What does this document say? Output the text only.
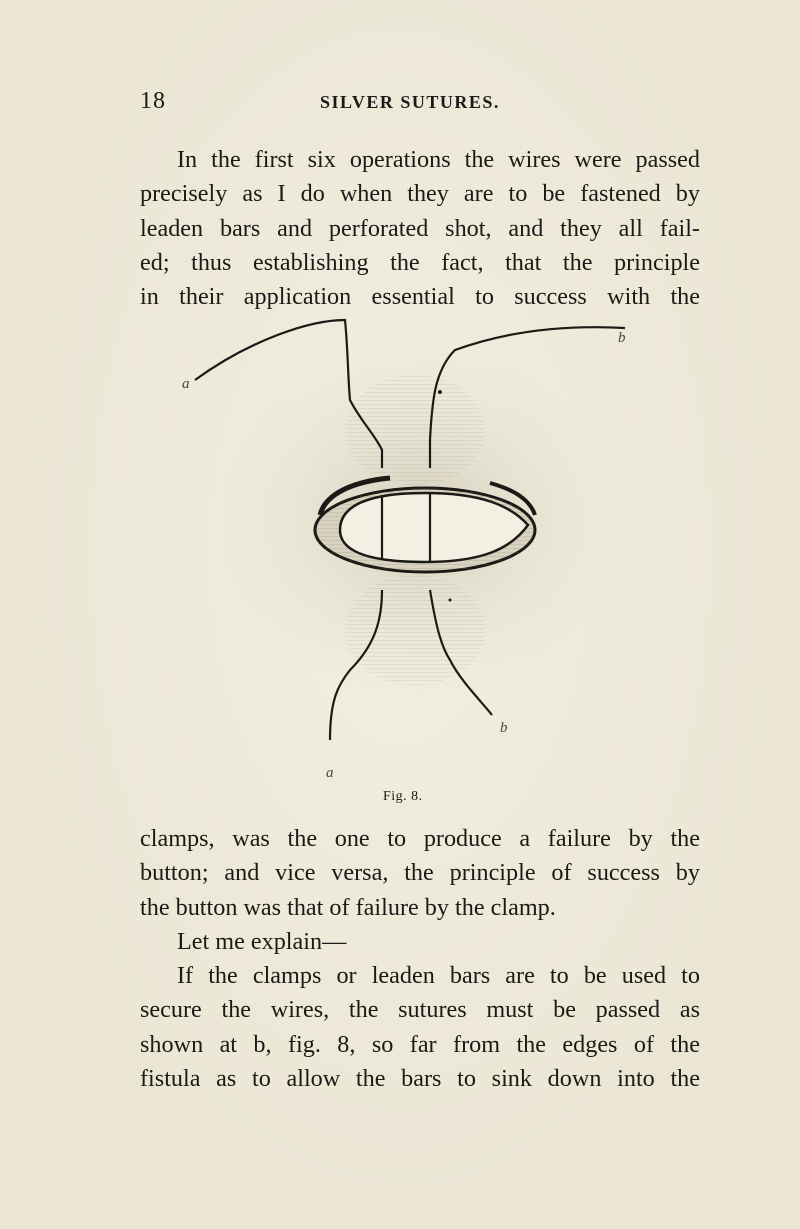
18	SILVER SUTURES.
In the first six operations the wires were passed
precisely as I do when they are to be fastened by
leaden bars and perforated shot, and they all fail-
ed; thus establishing the fact, that the principle
in their application essential to success with the
a
b
a
b
Fig. 8.
clamps, was the one to produce a failure by the
button; and vice versa, the principle of success by
the button was that of failure by the clamp.
Let me explain—
If the clamps or leaden bars are to be used to
secure the wires, the sutures must be passed as
shown at b, fig. 8, so far from the edges of the
fistula as to allow the bars to sink down into the
